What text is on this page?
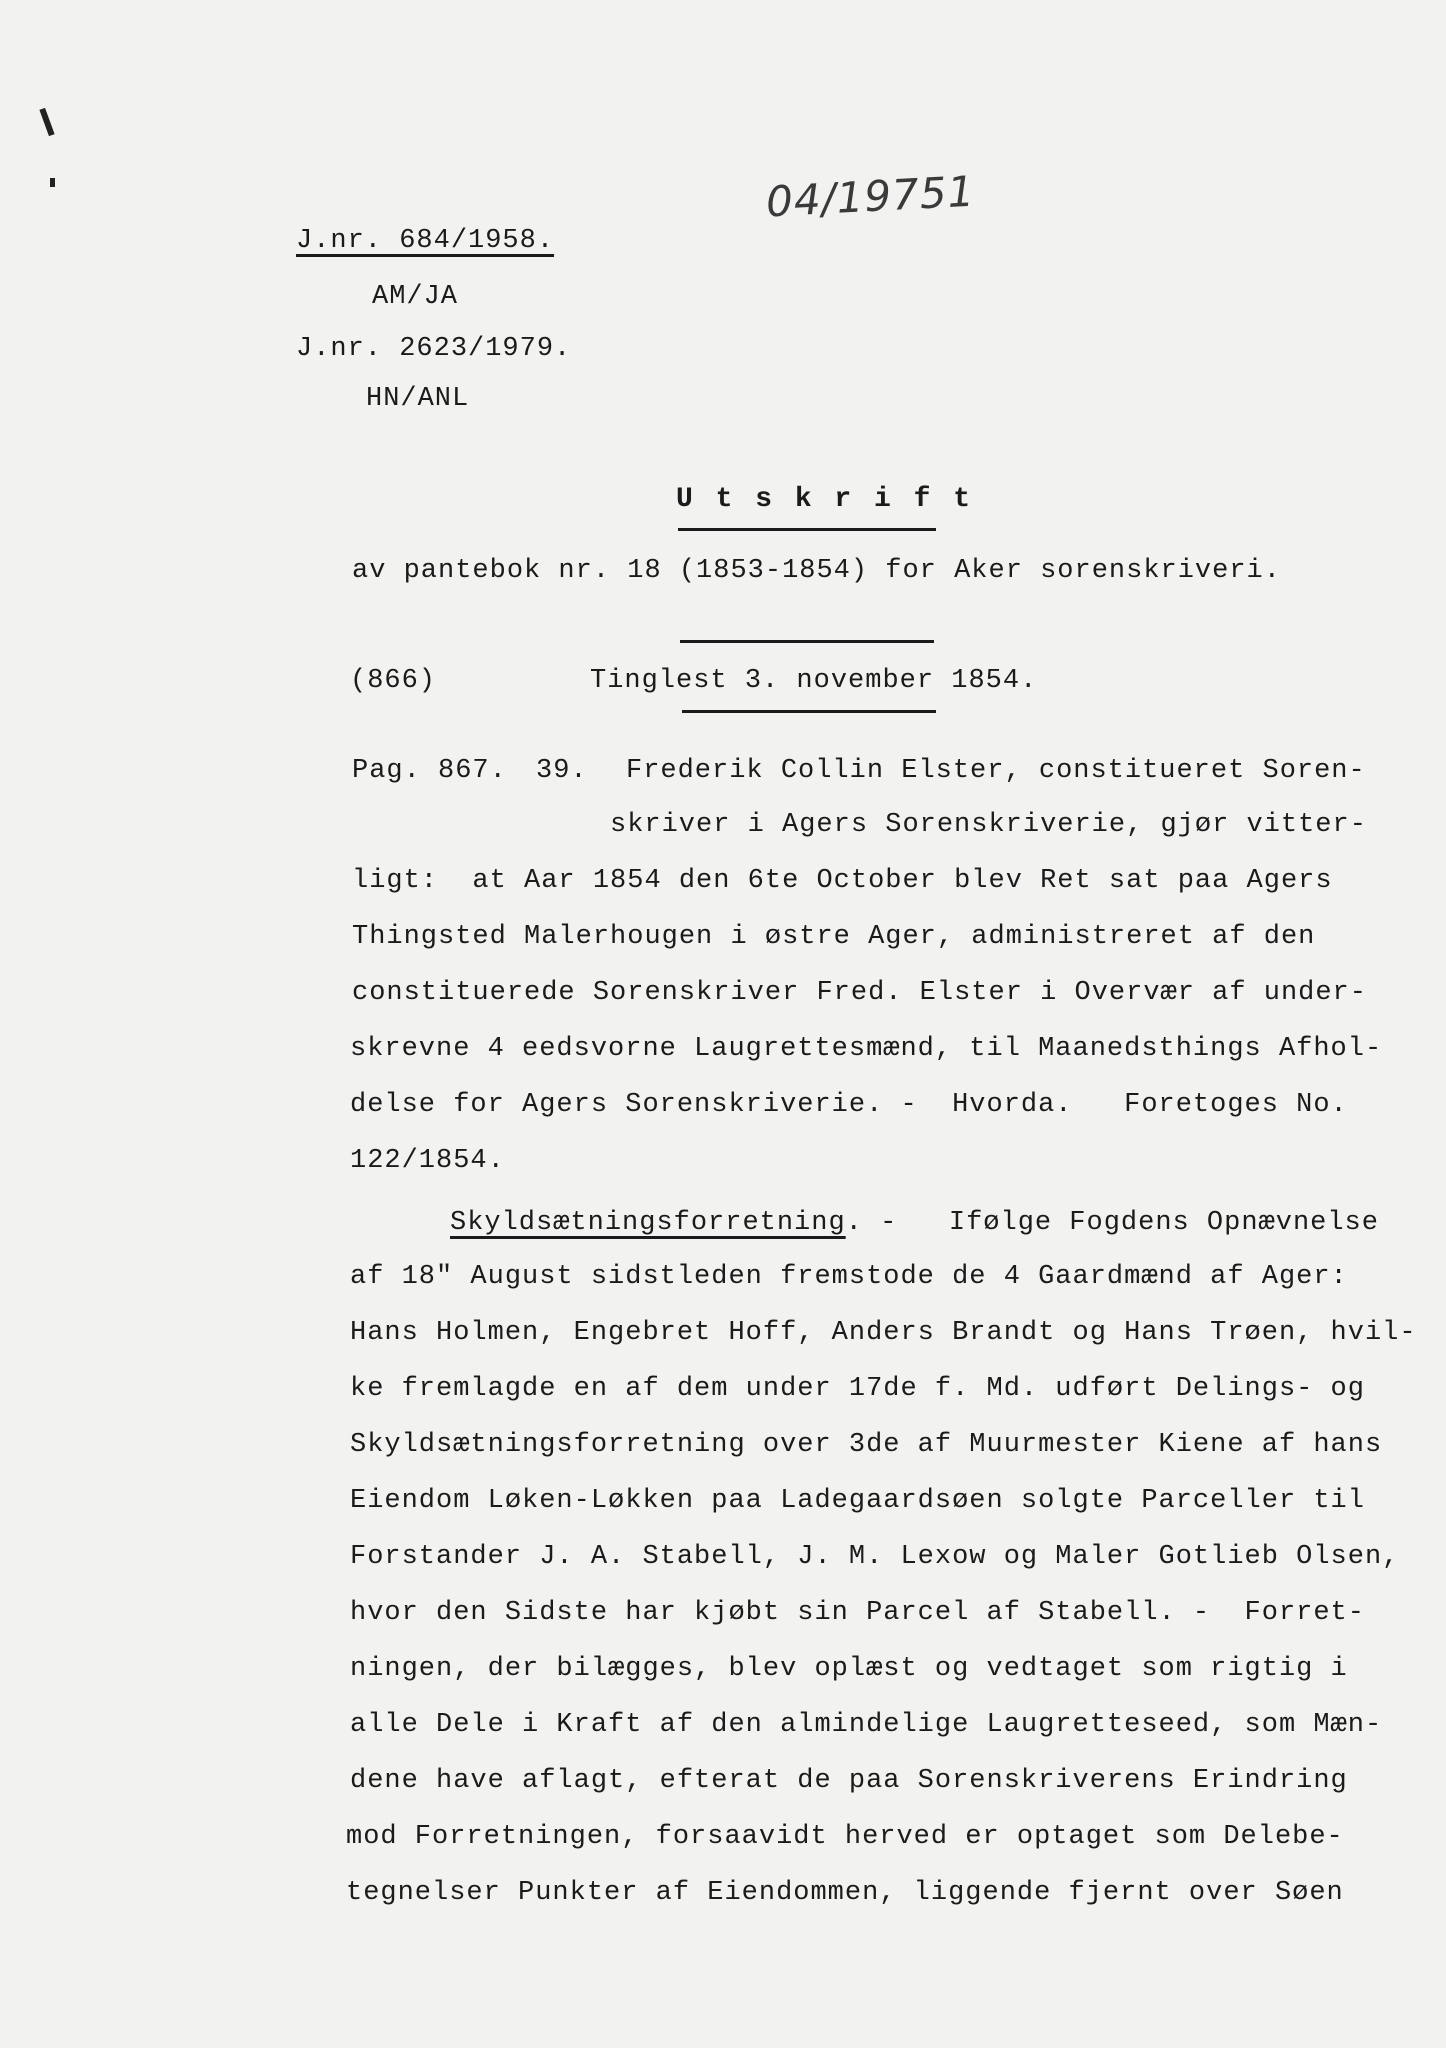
04/19751
J.nr. 684/1958.
AM/JA
J.nr. 2623/1979.
HN/ANL
U t s k r i f t
av pantebok nr. 18 (1853-1854) for Aker sorenskriveri.
(866)	Tinglest 3. november 1854.
Pag. 867. 39. Frederik Collin Elster, constitueret Soren-
skriver i Agers Sorenskriverie, gjør vitter-
ligt:  at Aar 1854 den 6te October blev Ret sat paa Agers
Thingsted Malerhougen i østre Ager, administreret af den
constituerede Sorenskriver Fred. Elster i Overvær af under-
skrevne 4 eedsvorne Laugrettesmænd, til Maanedsthings Afhol-
delse for Agers Sorenskriverie. -  Hvorda.   Foretoges No.
122/1854.
Skyldsætningsforretning. -   Ifølge Fogdens Opnævnelse
af 18" August sidstleden fremstode de 4 Gaardmænd af Ager:
Hans Holmen, Engebret Hoff, Anders Brandt og Hans Trøen, hvil-
ke fremlagde en af dem under 17de f. Md. udført Delings- og
Skyldsætningsforretning over 3de af Muurmester Kiene af hans
Eiendom Løken-Løkken paa Ladegaardsøen solgte Parceller til
Forstander J. A. Stabell, J. M. Lexow og Maler Gotlieb Olsen,
hvor den Sidste har kjøbt sin Parcel af Stabell. -  Forret-
ningen, der bilægges, blev oplæst og vedtaget som rigtig i
alle Dele i Kraft af den almindelige Laugretteseed, som Mæn-
dene have aflagt, efterat de paa Sorenskriverens Erindring
mod Forretningen, forsaavidt herved er optaget som Delebe-
tegnelser Punkter af Eiendommen, liggende fjernt over Søen
